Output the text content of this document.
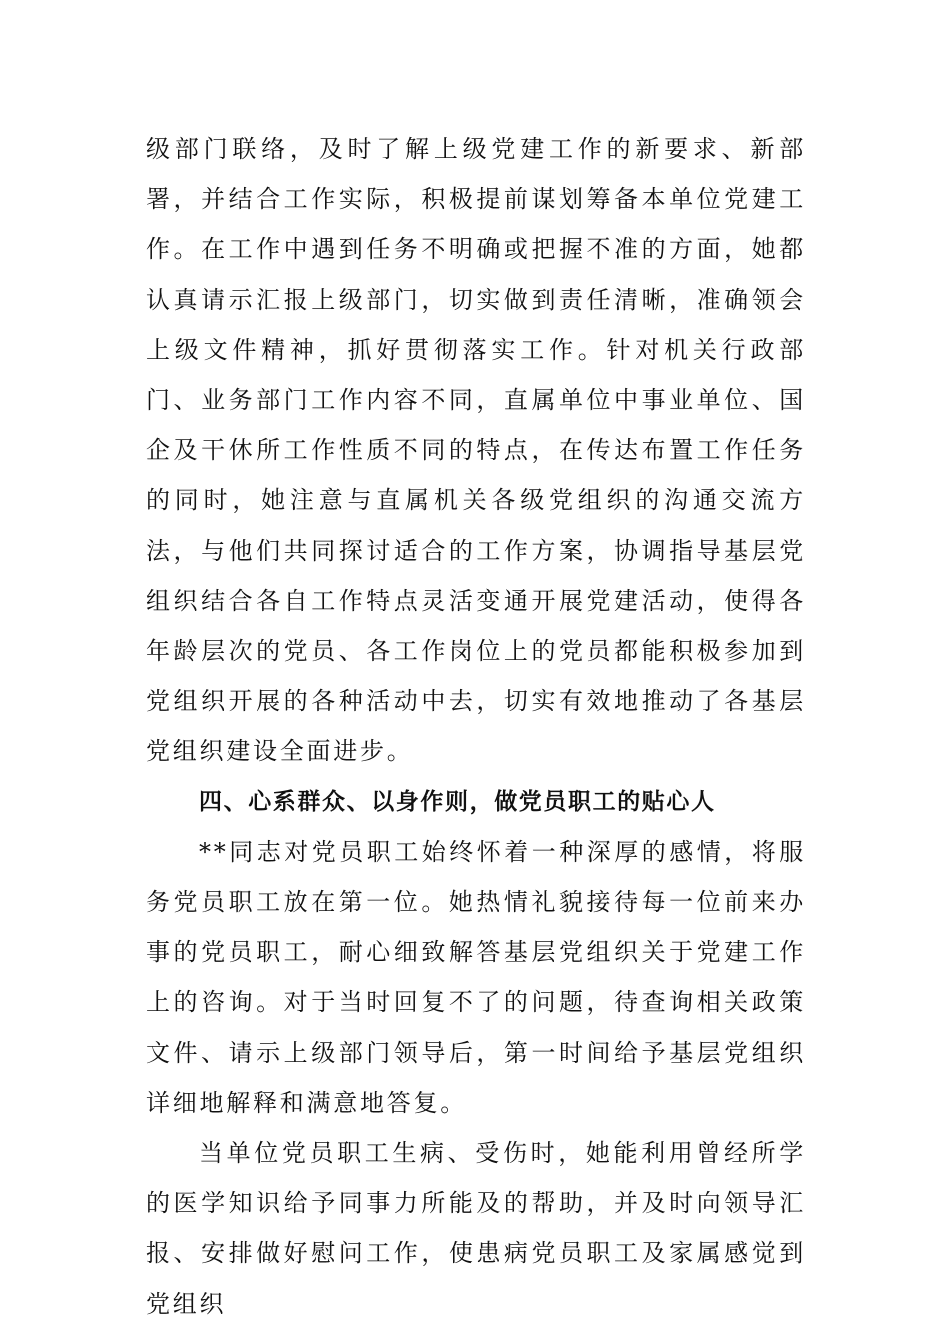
级部门联络，及时了解上级党建工作的新要求、新部署，并结合工作实际，积极提前谋划筹备本单位党建工作。在工作中遇到任务不明确或把握不准的方面，她都认真请示汇报上级部门，切实做到责任清晰，准确领会上级文件精神，抓好贯彻落实工作。针对机关行政部门、业务部门工作内容不同，直属单位中事业单位、国企及干休所工作性质不同的特点，在传达布置工作任务的同时，她注意与直属机关各级党组织的沟通交流方法，与他们共同探讨适合的工作方案，协调指导基层党组织结合各自工作特点灵活变通开展党建活动，使得各年龄层次的党员、各工作岗位上的党员都能积极参加到党组织开展的各种活动中去，切实有效地推动了各基层党组织建设全面进步。

四、心系群众、以身作则，做党员职工的贴心人

**同志对党员职工始终怀着一种深厚的感情，将服务党员职工放在第一位。她热情礼貌接待每一位前来办事的党员职工，耐心细致解答基层党组织关于党建工作上的咨询。对于当时回复不了的问题，待查询相关政策文件、请示上级部门领导后，第一时间给予基层党组织详细地解释和满意地答复。

当单位党员职工生病、受伤时，她能利用曾经所学的医学知识给予同事力所能及的帮助，并及时向领导汇报、安排做好慰问工作，使患病党员职工及家属感觉到党组织
